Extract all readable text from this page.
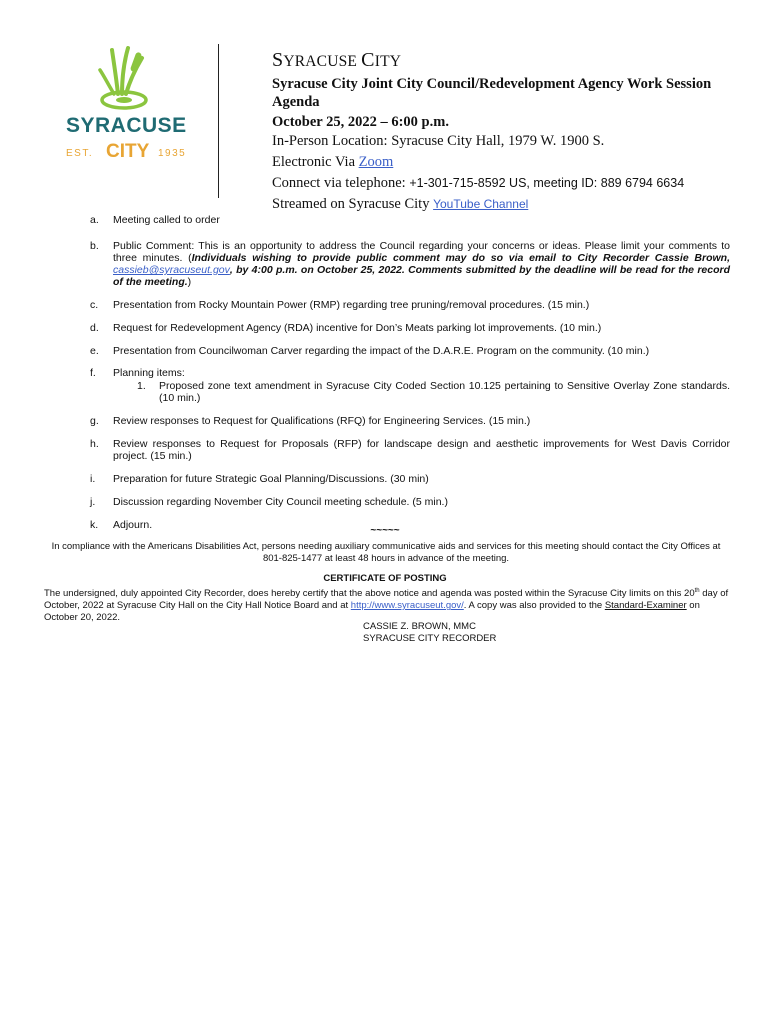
SYRACUSE
EST. CITY 1935
SYRACUSE CITY
Syracuse City Joint City Council/Redevelopment Agency Work Session Agenda
October 25, 2022 – 6:00 p.m.
In-Person Location: Syracuse City Hall, 1979 W. 1900 S.
Electronic Via Zoom
Connect via telephone: +1-301-715-8592 US, meeting ID: 889 6794 6634
Streamed on Syracuse City YouTube Channel
a.	Meeting called to order
b.	Public Comment: This is an opportunity to address the Council regarding your concerns or ideas. Please limit your comments to three minutes. (Individuals wishing to provide public comment may do so via email to City Recorder Cassie Brown, cassieb@syracuseut.gov, by 4:00 p.m. on October 25, 2022. Comments submitted by the deadline will be read for the record of the meeting.)
c.	Presentation from Rocky Mountain Power (RMP) regarding tree pruning/removal procedures. (15 min.)
d.	Request for Redevelopment Agency (RDA) incentive for Don’s Meats parking lot improvements. (10 min.)
e.	Presentation from Councilwoman Carver regarding the impact of the D.A.R.E. Program on the community. (10 min.)
f.	Planning items:
1.	Proposed zone text amendment in Syracuse City Coded Section 10.125 pertaining to Sensitive Overlay Zone standards. (10 min.)
g.	Review responses to Request for Qualifications (RFQ) for Engineering Services. (15 min.)
h.	Review responses to Request for Proposals (RFP) for landscape design and aesthetic improvements for West Davis Corridor project. (15 min.)
i.	Preparation for future Strategic Goal Planning/Discussions. (30 min)
j.	Discussion regarding November City Council meeting schedule. (5 min.)
k.	Adjourn.	~~~~~
In compliance with the Americans Disabilities Act, persons needing auxiliary communicative aids and services for this meeting should contact the City Offices at 801-825-1477 at least 48 hours in advance of the meeting.
CERTIFICATE OF POSTING
The undersigned, duly appointed City Recorder, does hereby certify that the above notice and agenda was posted within the Syracuse City limits on this 20th day of October, 2022 at Syracuse City Hall on the City Hall Notice Board and at http://www.syracuseut.gov/. A copy was also provided to the Standard-Examiner on October 20, 2022.
CASSIE Z. BROWN, MMC
SYRACUSE CITY RECORDER
